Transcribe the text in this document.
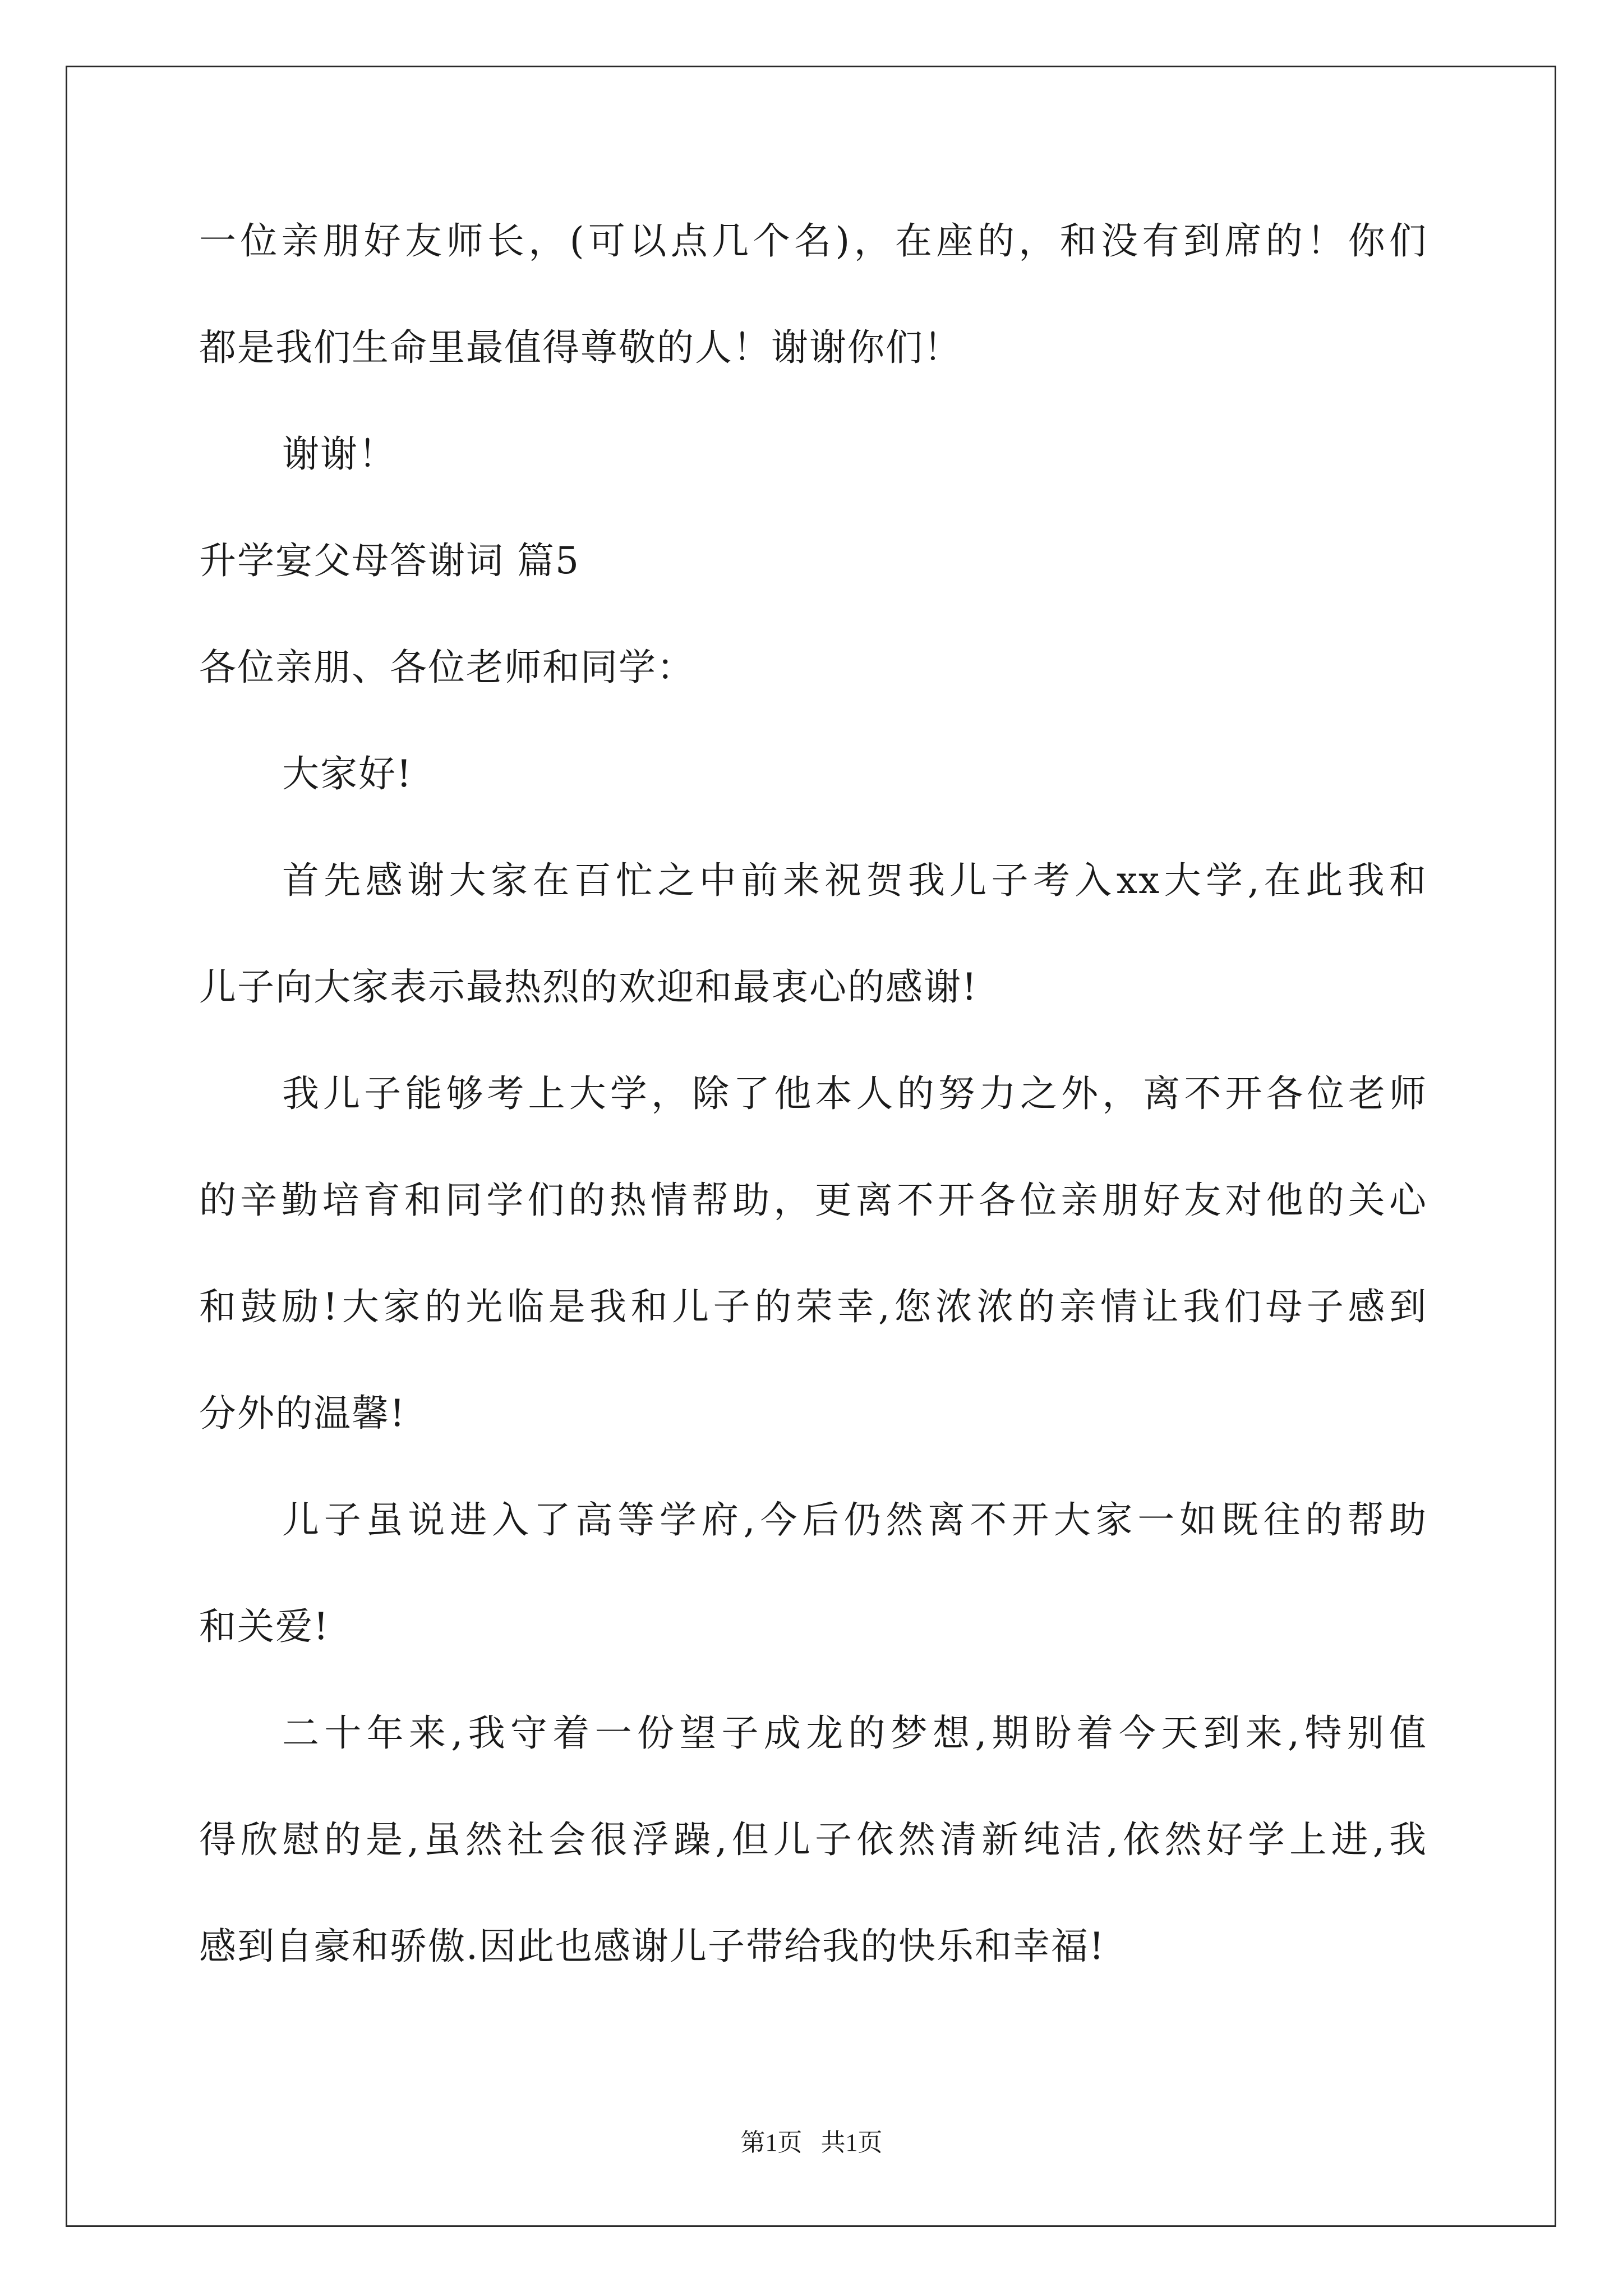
一位亲朋好友师长，(可以点几个名)，在座的，和没有到席的！你们
都是我们生命里最值得尊敬的人！谢谢你们！
谢谢！
升学宴父母答谢词 篇5
各位亲朋、各位老师和同学：
大家好!
首先感谢大家在百忙之中前来祝贺我儿子考入xx大学,在此我和
儿子向大家表示最热烈的欢迎和最衷心的感谢!
我儿子能够考上大学，除了他本人的努力之外，离不开各位老师
的辛勤培育和同学们的热情帮助，更离不开各位亲朋好友对他的关心
和鼓励!大家的光临是我和儿子的荣幸,您浓浓的亲情让我们母子感到
分外的温馨!
儿子虽说进入了高等学府,今后仍然离不开大家一如既往的帮助
和关爱!
二十年来,我守着一份望子成龙的梦想,期盼着今天到来,特别值
得欣慰的是,虽然社会很浮躁,但儿子依然清新纯洁,依然好学上进,我
感到自豪和骄傲.因此也感谢儿子带给我的快乐和幸福!
第1页   共1页
